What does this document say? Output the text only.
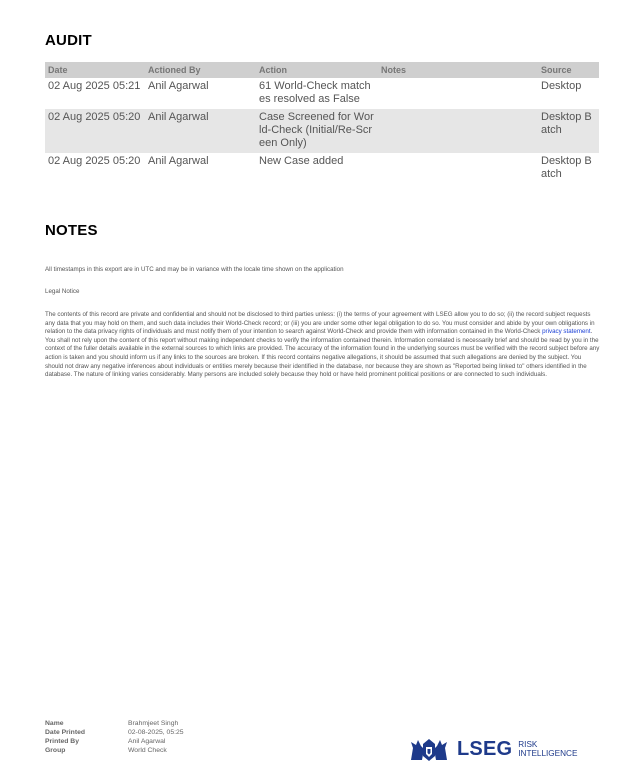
AUDIT
Date	Actioned By	Action	Notes	Source
02 Aug 2025 05:21	Anil Agarwal	61 World-Check matches resolved as False		Desktop
02 Aug 2025 05:20	Anil Agarwal	Case Screened for World-Check (Initial/Re-Screen Only)		Desktop Batch
02 Aug 2025 05:20	Anil Agarwal	New Case added		Desktop Batch
NOTES
All timestamps in this export are in UTC and may be in variance with the locale time shown on the application
Legal Notice
The contents of this record are private and confidential and should not be disclosed to third parties unless: (i) the terms of your agreement with LSEG allow you to do so; (ii) the record subject requests any data that you may hold on them, and such data includes their World-Check record; or (iii) you are under some other legal obligation to do so. You must consider and abide by your own obligations in relation to the data privacy rights of individuals and must notify them of your intention to search against World-Check and provide them with information contained in the World-Check privacy statement. You shall not rely upon the content of this report without making independent checks to verify the information contained therein. Information correlated is necessarily brief and should be read by you in the context of the fuller details available in the external sources to which links are provided. The accuracy of the information found in the underlying sources must be verified with the record subject before any action is taken and you should inform us if any links to the sources are broken. If this record contains negative allegations, it should be assumed that such allegations are denied by the subject. You should not draw any negative inferences about individuals or entities merely because their identified in the database, nor because they are shown as "Reported being linked to" others identified in the database. The nature of linking varies considerably. Many persons are included solely because they hold or have held prominent political positions or are connected to such individuals.
Name	Brahmjeet Singh
Date Printed	02-08-2025, 05:25
Printed By	Anil Agarwal
Group	World Check	LSEG RISK
INTELLIGENCE
